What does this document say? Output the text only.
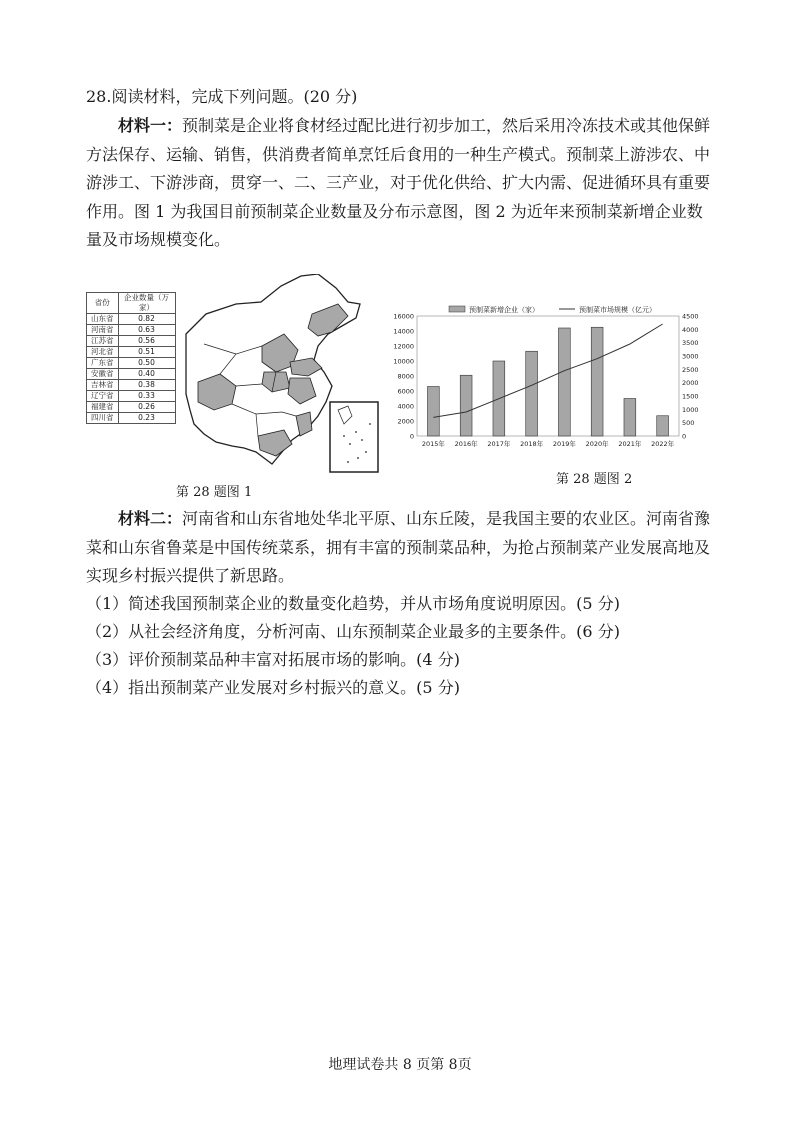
28.阅读材料，完成下列问题。(20 分)

材料一：预制菜是企业将食材经过配比进行初步加工，然后采用冷冻技术或其他保鲜方法保存、运输、销售，供消费者简单烹饪后食用的一种生产模式。预制菜上游涉农、中游涉工、下游涉商，贯穿一、二、三产业，对于优化供给、扩大内需、促进循环具有重要作用。图 1 为我国目前预制菜企业数量及分布示意图，图 2 为近年来预制菜新增企业数量及市场规模变化。

省份	企业数量（万家）
山东省	0.82
河南省	0.63
江苏省	0.56
河北省	0.51
广东省	0.50
安徽省	0.40
吉林省	0.38
辽宁省	0.33
福建省	0.26
四川省	0.23
第 28 题图 1
0
2000
4000
6000
8000
10000
12000
14000
16000
0
500
1000
1500
2000
2500
3000
3500
4000
4500
2015年 2016年 2017年 2018年 2019年 2020年 2021年 2022年
预制菜新增企业（家）	预制菜市场规模（亿元）
第 28 题图 2

材料二：河南省和山东省地处华北平原、山东丘陵，是我国主要的农业区。河南省豫菜和山东省鲁菜是中国传统菜系，拥有丰富的预制菜品种，为抢占预制菜产业发展高地及实现乡村振兴提供了新思路。

（1）简述我国预制菜企业的数量变化趋势，并从市场角度说明原因。(5 分)
（2）从社会经济角度，分析河南、山东预制菜企业最多的主要条件。(6 分)
（3）评价预制菜品种丰富对拓展市场的影响。(4 分)
（4）指出预制菜产业发展对乡村振兴的意义。(5 分)
地理试卷共 8 页第 8页
